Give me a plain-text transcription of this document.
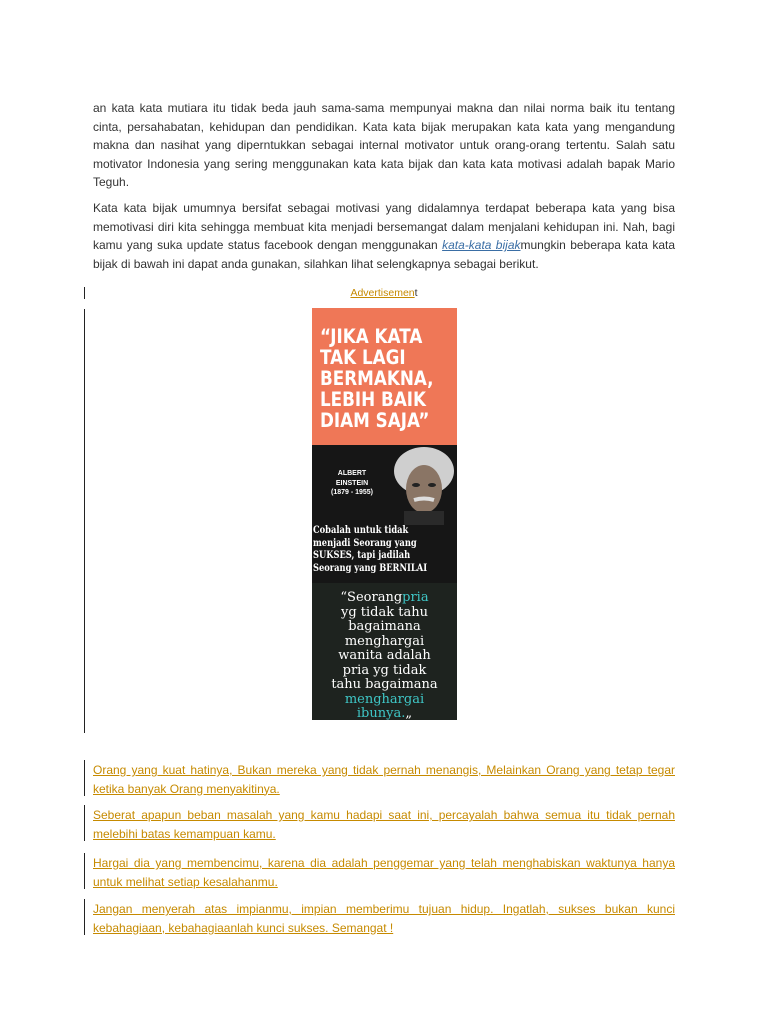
an kata kata mutiara itu tidak beda jauh sama-sama mempunyai makna dan nilai norma baik itu tentang cinta, persahabatan, kehidupan dan pendidikan. Kata kata bijak merupakan kata kata yang mengandung makna dan nasihat yang diperntukkan sebagai internal motivator untuk orang-orang tertentu. Salah satu motivator Indonesia yang sering menggunakan kata kata bijak dan kata kata motivasi adalah bapak Mario Teguh.

Kata kata bijak umumnya bersifat sebagai motivasi yang didalamnya terdapat beberapa kata yang bisa memotivasi diri kita sehingga membuat kita menjadi bersemangat dalam menjalani kehidupan ini. Nah, bagi kamu yang suka update status facebook dengan menggunakan kata-kata bijakmungkin beberapa kata kata bijak di bawah ini dapat anda gunakan, silahkan lihat selengkapnya sebagai berikut.

Advertisement
“JIKA KATA TAK LAGI BERMAKNA, LEBIH BAIK DIAM SAJA”
ALBERT
EINSTEIN
(1879 - 1955)
Cobalah untuk tidak menjadi Seorang yang SUKSES, tapi jadilah Seorang yang BERNILAI
“Seorangpria
yg tidak tahu
bagaimana
menghargai
wanita adalah
pria yg tidak
tahu bagaimana
menghargai
ibunya.„

Orang yang kuat hatinya, Bukan mereka yang tidak pernah menangis, Melainkan Orang yang tetap tegar ketika banyak Orang menyakitinya.

Seberat apapun beban masalah yang kamu hadapi saat ini, percayalah bahwa semua itu tidak pernah melebihi batas kemampuan kamu.

Hargai dia yang membencimu, karena dia adalah penggemar yang telah menghabiskan waktunya hanya untuk melihat setiap kesalahanmu.

Jangan menyerah atas impianmu, impian memberimu tujuan hidup. Ingatlah, sukses bukan kunci kebahagiaan, kebahagiaanlah kunci sukses. Semangat !
